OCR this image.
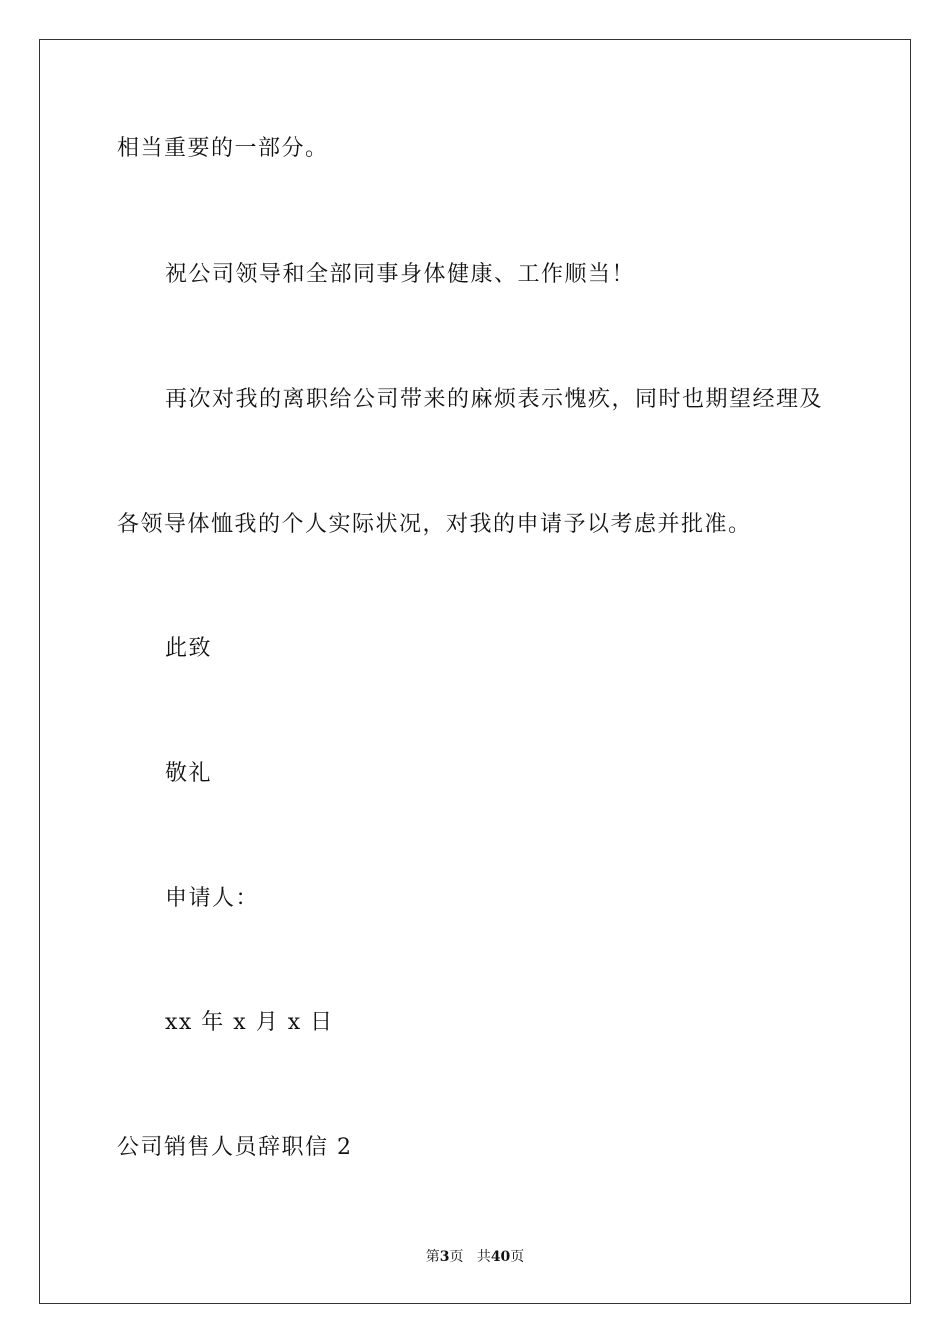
相当重要的一部分。
祝公司领导和全部同事身体健康、工作顺当！
再次对我的离职给公司带来的麻烦表示愧疚，同时也期望经理及
各领导体恤我的个人实际状况，对我的申请予以考虑并批准。
此致
敬礼
申请人：
xx 年 x 月 x 日
公司销售人员辞职信 2
第3页 共40页
